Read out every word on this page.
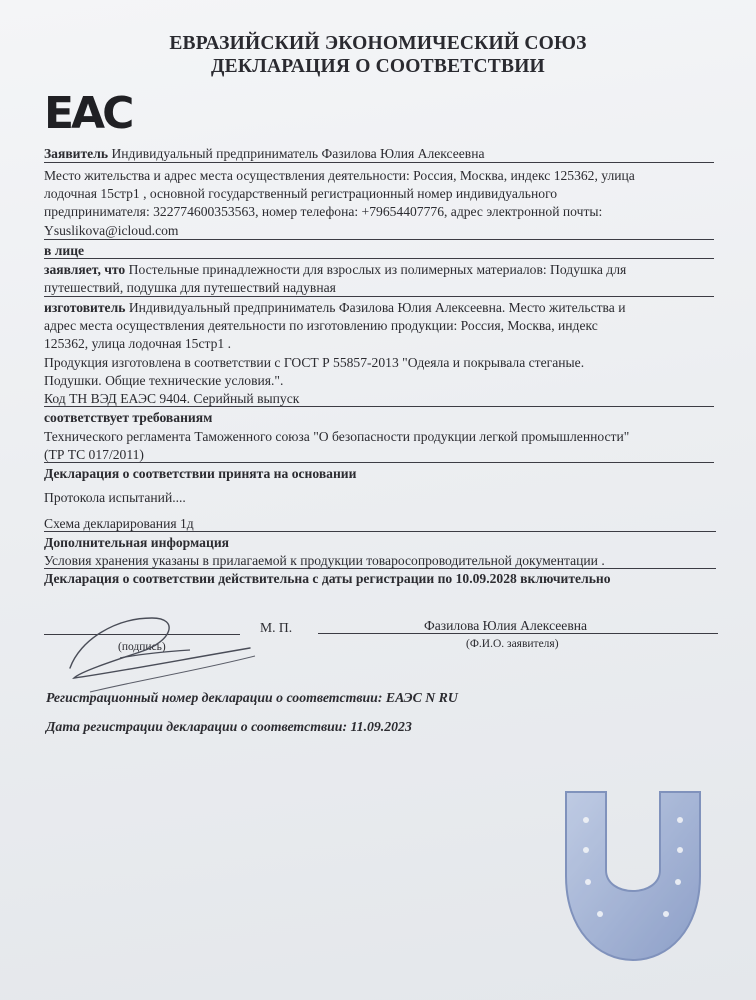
ЕВРАЗИЙСКИЙ ЭКОНОМИЧЕСКИЙ СОЮЗ
ДЕКЛАРАЦИЯ О СООТВЕТСТВИИ
EAC
Заявитель Индивидуальный предприниматель Фазилова Юлия Алексеевна
Место жительства и адрес места осуществления деятельности: Россия, Москва, индекс 125362, улица
лодочная 15стр1 , основной государственный регистрационный номер индивидуального
предпринимателя: 322774600353563, номер телефона: +79654407776, адрес электронной почты:
Ysuslikova@icloud.com
в лице
заявляет, что Постельные принадлежности для взрослых из полимерных материалов: Подушка для
путешествий, подушка для путешествий надувная
изготовитель Индивидуальный предприниматель Фазилова Юлия Алексеевна. Место жительства и
адрес места осуществления деятельности по изготовлению продукции: Россия, Москва, индекс
125362, улица лодочная 15стр1 .
Продукция изготовлена в соответствии с ГОСТ Р 55857-2013 "Одеяла и покрывала стеганые.
Подушки. Общие технические условия.".
Код ТН ВЭД ЕАЭС 9404. Серийный выпуск
соответствует требованиям
Технического регламента Таможенного союза "О безопасности продукции легкой промышленности"
(ТР ТС 017/2011)
Декларация о соответствии принята на основании
Протокола испытаний....
Схема декларирования 1д
Дополнительная информация
Условия хранения указаны в прилагаемой к продукции товаросопроводительной документации .
Декларация о соответствии действительна с даты регистрации по 10.09.2028 включительно
(подпись)
М. П.	Фазилова Юлия Алексеевна
(Ф.И.О. заявителя)
Регистрационный номер декларации о соответствии: ЕАЭС N RU
Дата регистрации декларации о соответствии: 11.09.2023
